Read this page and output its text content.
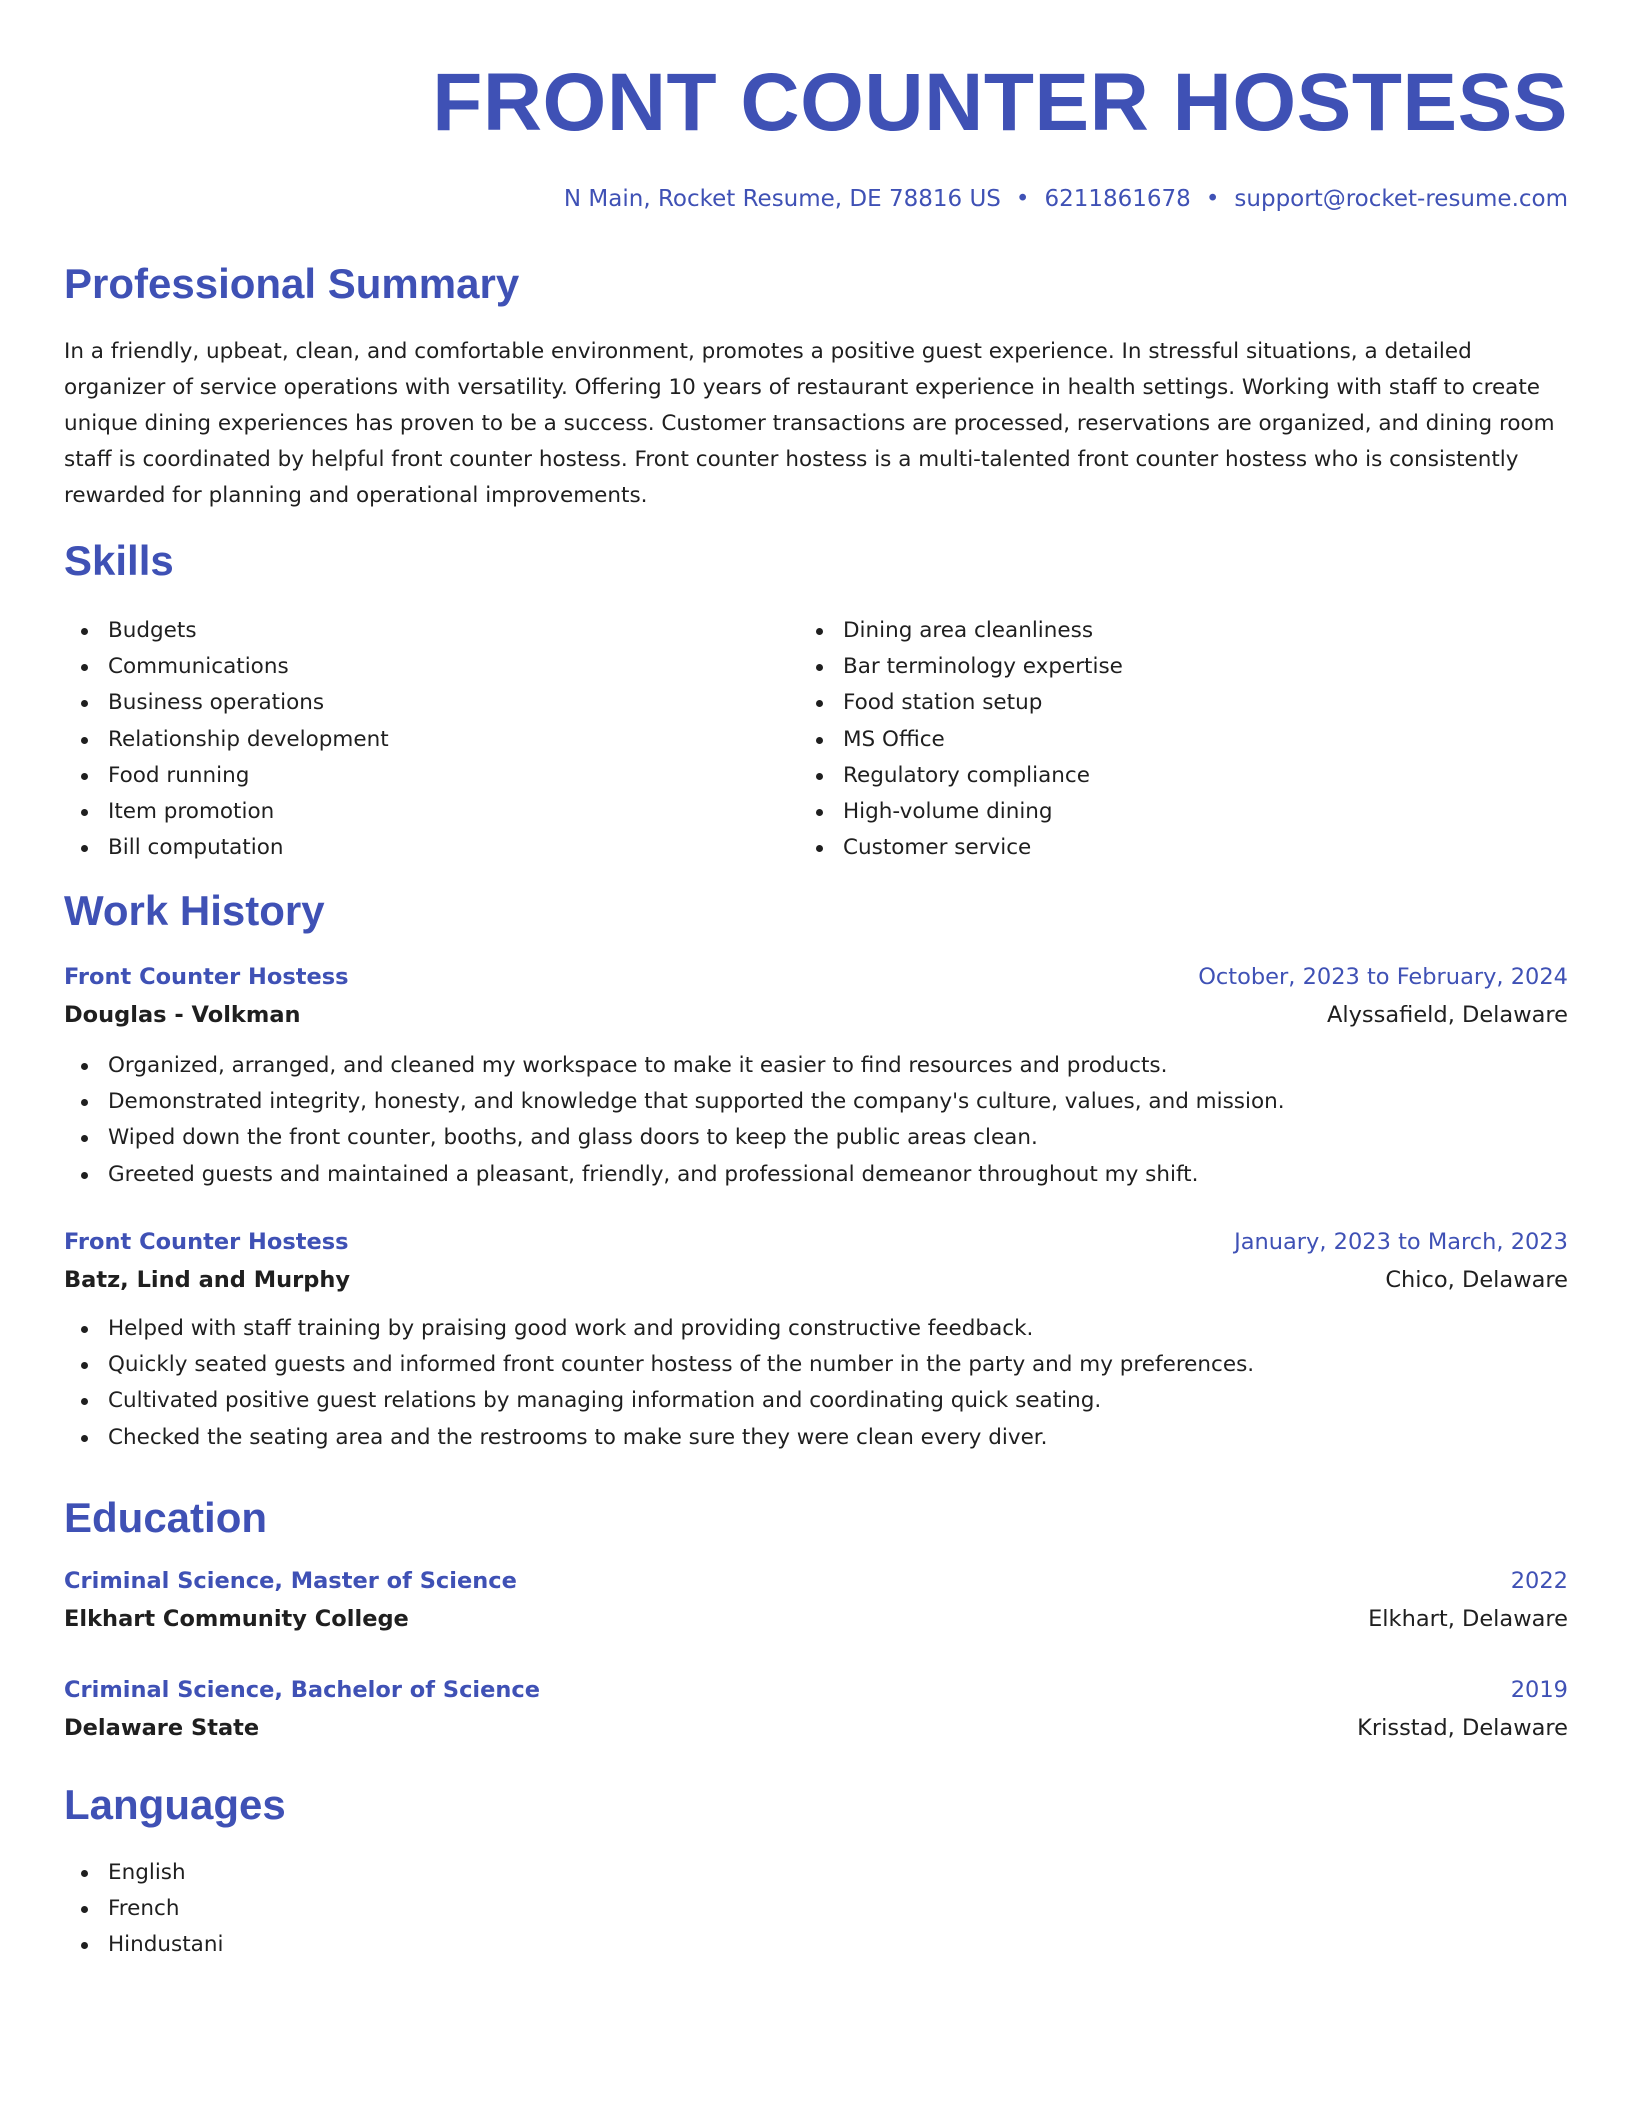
FRONT COUNTER HOSTESS
N Main, Rocket Resume, DE 78816 US • 6211861678 • support@rocket-resume.com
Professional Summary

In a friendly, upbeat, clean, and comfortable environment, promotes a positive guest experience. In stressful situations, a detailed organizer of service operations with versatility. Offering 10 years of restaurant experience in health settings. Working with staff to create unique dining experiences has proven to be a success. Customer transactions are processed, reservations are organized, and dining room staff is coordinated by helpful front counter hostess. Front counter hostess is a multi-talented front counter hostess who is consistently rewarded for planning and operational improvements.

Skills
Budgets
Communications
Business operations
Relationship development
Food running
Item promotion
Bill computation
Dining area cleanliness
Bar terminology expertise
Food station setup
MS Office
Regulatory compliance
High-volume dining
Customer service
Work History
Front Counter Hostess	October, 2023 to February, 2024
Douglas - Volkman	Alyssafield, Delaware
Organized, arranged, and cleaned my workspace to make it easier to find resources and products.
Demonstrated integrity, honesty, and knowledge that supported the company's culture, values, and mission.
Wiped down the front counter, booths, and glass doors to keep the public areas clean.
Greeted guests and maintained a pleasant, friendly, and professional demeanor throughout my shift.
Front Counter Hostess	January, 2023 to March, 2023
Batz, Lind and Murphy	Chico, Delaware
Helped with staff training by praising good work and providing constructive feedback.
Quickly seated guests and informed front counter hostess of the number in the party and my preferences.
Cultivated positive guest relations by managing information and coordinating quick seating.
Checked the seating area and the restrooms to make sure they were clean every diver.
Education
Criminal Science, Master of Science	2022
Elkhart Community College	Elkhart, Delaware
Criminal Science, Bachelor of Science	2019
Delaware State	Krisstad, Delaware
Languages
English
French
Hindustani
